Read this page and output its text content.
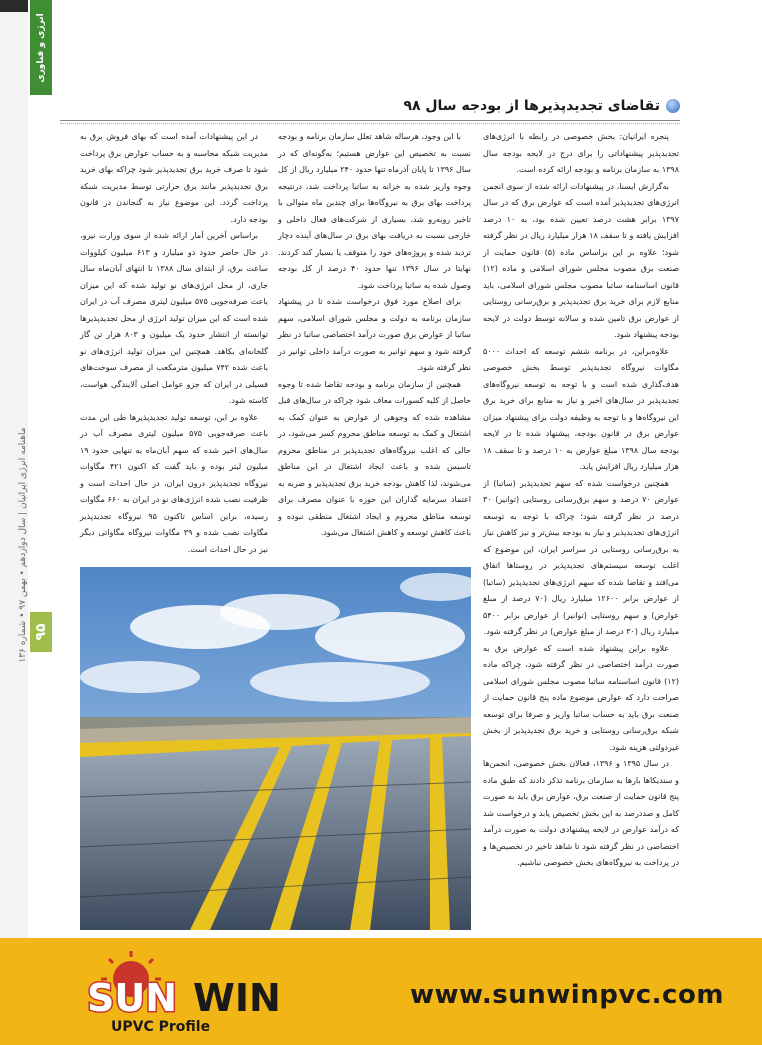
انرژی و فناوری
ماهنامه انرژی ایرانیان | سال دوازدهم • بهمن ۹۷ • شماره ۱۳۶
۹۵
تقاضای تجدیدپذیرها از بودجه سال ۹۸

پنجره ایرانیان: بخش خصوصی در رابطه با انرژی‌های تجدیدپذیر پیشنهاداتی را برای درج در لایحه بودجه سال ۱۳۹۸ به سازمان برنامه و بودجه ارائه کرده است.

به‌گزارش ایسنا، در پیشنهادات ارائه شده از سوی انجمن انرژی‌های تجدیدپذیر آمده است که عوارض برق که در سال ۱۳۹۷ برابر هشت درصد تعیین شده بود، به ۱۰ درصد افزایش یافته و تا سقف ۱۸ هزار میلیارد ریال در نظر گرفته شود؛ علاوه بر این براساس ماده (۵) قانون حمایت از صنعت برق مصوب مجلس شورای اسلامی و ماده (۱۲) قانون اساسنامه ساتبا مصوب مجلس شورای اسلامی، باید منابع لازم برای خرید برق تجدیدپذیر و برق‌رسانی روستایی از عوارض برق تامین شده و سالانه توسط دولت در لایحه بودجه پیشنهاد شود.

علاوه‌براین، در برنامه ششم توسعه که احداث ۵۰۰۰ مگاوات نیروگاه تجدیدپذیر توسط بخش خصوصی هدف‌گذاری شده است و با توجه به توسعه نیروگاه‌های تجدیدپذیر در سال‌های اخیر و نیاز به منابع برای خرید برق این نیروگاه‌ها و با توجه به وظیفه دولت برای پیشنهاد میزان عوارض برق در قانون بودجه، پیشنهاد شده تا در لایحه بودجه سال ۱۳۹۸ مبلغ عوارض به ۱۰ درصد و تا سقف ۱۸ هزار میلیارد ریال افزایش یابد.

همچنین درخواست شده که سهم تجدیدپذیر (ساتبا) از عوارض ۷۰ درصد و سهم برق‌رسانی روستایی (توانیر) ۳۰ درصد در نظر گرفته شود؛ چراکه با توجه به توسعه انرژی‌های تجدیدپذیر و نیاز به بودجه بیش‌تر و نیز کاهش نیاز به برق‌رسانی روستایی در سراسر ایران، این موضوع که اغلب توسعه سیستم‌های تجدیدپذیر در روستاها اتفاق می‌افتد و تقاضا شده که سهم انرژی‌های تجدیدپذیر (ساتبا) از عوارض برابر ۱۲۶۰۰ میلیارد ریال (۷۰ درصد از مبلغ عوارض) و سهم روستایی (توانیر) از عوارض برابر ۵۴۰۰ میلیارد ریال (۳۰ درصد از مبلغ عوارض) در نظر گرفته شود.

علاوه براین پیشنهاد شده است که عوارض برق به صورت درآمد اختصاصی در نظر گرفته شود، چراکه ماده (۱۲) قانون اساسنامه ساتبا مصوب مجلس شورای اسلامی صراحت دارد که عوارض موضوع ماده پنج قانون حمایت از صنعت برق باید به حساب ساتبا واریز و صرفا برای توسعه شبکه برق‌رسانی روستایی و خرید برق تجدیدپذیر از بخش غیردولتی هزینه شود.

در سال ۱۳۹۵ و ۱۳۹۶، فعالان بخش خصوصی، انجمن‌ها و سندیکاها بارها به سازمان برنامه تذکر دادند که طبق ماده پنج قانون حمایت از صنعت برق، عوارض برق باید به صورت کامل و صددرصد به این بخش تخصیص یابد و درخواست شد که درآمد عوارض در لایحه پیشنهادی دولت به صورت درآمد اختصاصی در نظر گرفته شود تا شاهد تاخیر در تخصیص‌ها و در پرداخت به نیروگاه‌های بخش خصوصی نباشیم.

با این وجود، هرساله شاهد تعلل سازمان برنامه و بودجه نسبت به تخصیص این عوارض هستیم؛ به‌گونه‌ای که در سال ۱۳۹۶ تا پایان آذرماه تنها حدود ۲۴۰ میلیارد ریال از کل وجوه واریز شده به خزانه به ساتبا پرداخت شد، درنتیجه پرداخت بهای برق به نیروگاه‌ها برای چندین ماه متوالی با تاخیر روبه‌رو شد، بسیاری از شرکت‌های فعال داخلی و خارجی نسبت به دریافت بهای برق در سال‌های آینده دچار تردید شده و پروژه‌های خود را متوقف یا بسیار کند کردند. نهایتا در سال ۱۳۹۶ تنها حدود ۴۰ درصد از کل بودجه وصول شده به ساتبا پرداخت شود.

برای اصلاح مورد فوق درخواست شده تا در پیشنهاد سازمان برنامه به دولت و مجلس شورای اسلامی، سهم ساتبا از عوارض برق صورت درآمد اختصاصی ساتبا در نظر گرفته شود و سهم توانیر به صورت درآمد داخلی توانیر در نظر گرفته شود.

همچنین از سازمان برنامه و بودجه تقاضا شده تا وجوه حاصل از کلیه کسورات معاف شود چراکه در سال‌های قبل مشاهده شده که وجوهی از عوارض به عنوان کمک به اشتغال و کمک به توسعه مناطق محروم کسر می‌شود، در حالی که اغلب نیروگاه‌های تجدیدپذیر در مناطق محروم تاسیس شده و باعث ایجاد اشتغال در این مناطق می‌شوند، لذا کاهش بودجه خرید برق تجدیدپذیر و ضربه به اعتماد سرمایه گذاران این حوزه با عنوان مصرف برای توسعه مناطق محروم و ایجاد اشتغال منطقی نبوده و باعث کاهش توسعه و کاهش اشتغال می‌شود.

در این پیشنهادات آمده است که بهای فروش برق به مدیریت شبکه محاسبه و به حساب عوارض برق پرداخت شود تا صرف خرید برق تجدیدپذیر شود چراکه بهای خرید برق تجدیدپذیر مانند برق حرارتی توسط مدیریت شبکه پرداخت گردد. این موضوع نیاز به گنجاندن در قانون بودجه دارد.

براساس آخرین آمار ارائه شده از سوی وزارت نیرو، در حال حاضر حدود دو میلیارد و ۶۱۳ میلیون کیلووات ساعت برق، از ابتدای سال ۱۳۸۸ تا انتهای آبان‌ماه سال جاری، از محل انرژی‌های نو تولید شده که این میزان باعث صرفه‌جویی ۵۷۵ میلیون لیتری مصرف آب در ایران شده است که این میزان تولید انرژی از محل تجدیدپذیرها توانسته از انتشار حدود یک میلیون و ۸۰۳ هزار تن گاز گلخانه‌ای بکاهد. همچنین این میزان تولید انرژی‌های نو باعث شده ۷۴۲ میلیون مترمکعب از مصرف سوخت‌های فسیلی در ایران که جزو عوامل اصلی آلایندگی هواست، کاسته شود.

علاوه بر این، توسعه تولید تجدیدپذیرها طی این مدت باعث صرفه‌جویی ۵۷۵ میلیون لیتری مصرف آب در سال‌های اخیر شده که سهم آبان‌ماه به تنهایی حدود ۱۹ میلیون لیتر بوده و باید گفت که اکنون ۴۲۱ مگاوات نیروگاه تجدیدپذیر درون ایران، در حال احداث است و ظرفیت نصب شده انرژی‌های نو در ایران به ۶۶۰ مگاوات رسیده، براین اساس تاکنون ۹۵ نیروگاه تجدیدپذیر مگاوات نصب شده و ۳۹ مگاوات نیروگاه مگاواتی دیگر نیز در حال احداث است.

SUN WIN
UPVC Profile
www.sunwinpvc.com
